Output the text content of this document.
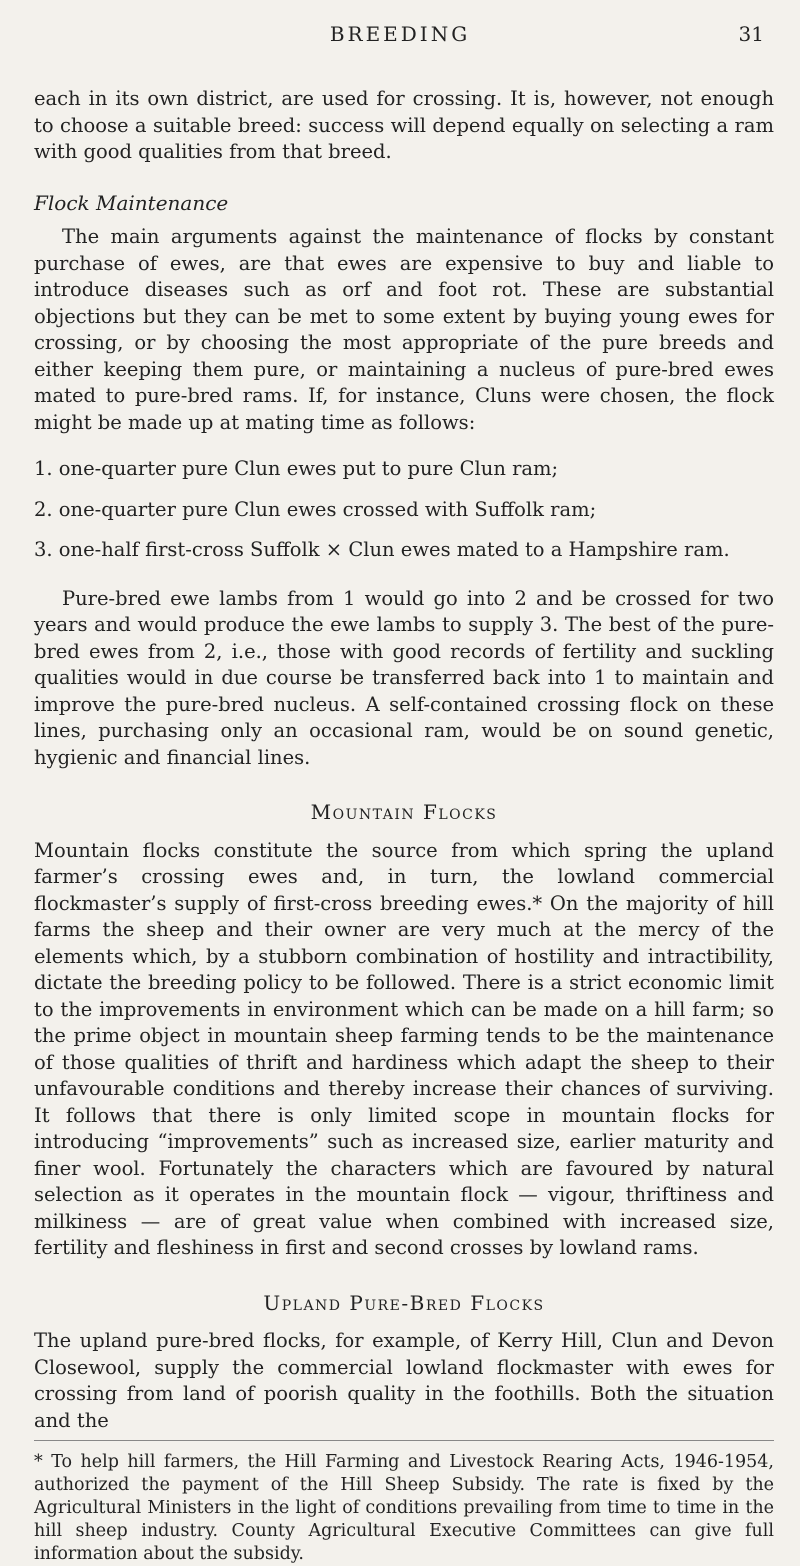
BREEDING	31

each in its own district, are used for crossing. It is, however, not enough to choose a suitable breed: success will depend equally on selecting a ram with good qualities from that breed.

Flock Maintenance

The main arguments against the maintenance of flocks by constant purchase of ewes, are that ewes are expensive to buy and liable to introduce diseases such as orf and foot rot. These are substantial objections but they can be met to some extent by buying young ewes for crossing, or by choosing the most appropriate of the pure breeds and either keeping them pure, or maintaining a nucleus of pure-bred ewes mated to pure-bred rams. If, for instance, Cluns were chosen, the flock might be made up at mating time as follows:

1. one-quarter pure Clun ewes put to pure Clun ram;
2. one-quarter pure Clun ewes crossed with Suffolk ram;
3. one-half first-cross Suffolk × Clun ewes mated to a Hampshire ram.

Pure-bred ewe lambs from 1 would go into 2 and be crossed for two years and would produce the ewe lambs to supply 3. The best of the pure-bred ewes from 2, i.e., those with good records of fertility and suckling qualities would in due course be transferred back into 1 to maintain and improve the pure-bred nucleus. A self-contained crossing flock on these lines, purchasing only an occasional ram, would be on sound genetic, hygienic and financial lines.

Mountain Flocks

Mountain flocks constitute the source from which spring the upland farmer’s crossing ewes and, in turn, the lowland commercial flockmaster’s supply of first-cross breeding ewes.* On the majority of hill farms the sheep and their owner are very much at the mercy of the elements which, by a stubborn combination of hostility and intractibility, dictate the breeding policy to be followed. There is a strict economic limit to the improvements in environment which can be made on a hill farm; so the prime object in mountain sheep farming tends to be the maintenance of those qualities of thrift and hardiness which adapt the sheep to their unfavourable conditions and thereby increase their chances of surviving. It follows that there is only limited scope in mountain flocks for introducing “improvements” such as increased size, earlier maturity and finer wool. Fortunately the characters which are favoured by natural selection as it operates in the mountain flock — vigour, thriftiness and milkiness — are of great value when combined with increased size, fertility and fleshiness in first and second crosses by lowland rams.

Upland Pure-Bred Flocks

The upland pure-bred flocks, for example, of Kerry Hill, Clun and Devon Closewool, supply the commercial lowland flockmaster with ewes for crossing from land of poorish quality in the foothills. Both the situation and the

* To help hill farmers, the Hill Farming and Livestock Rearing Acts, 1946-1954, authorized the payment of the Hill Sheep Subsidy. The rate is fixed by the Agricultural Ministers in the light of conditions prevailing from time to time in the hill sheep industry. County Agricultural Executive Committees can give full information about the subsidy.
